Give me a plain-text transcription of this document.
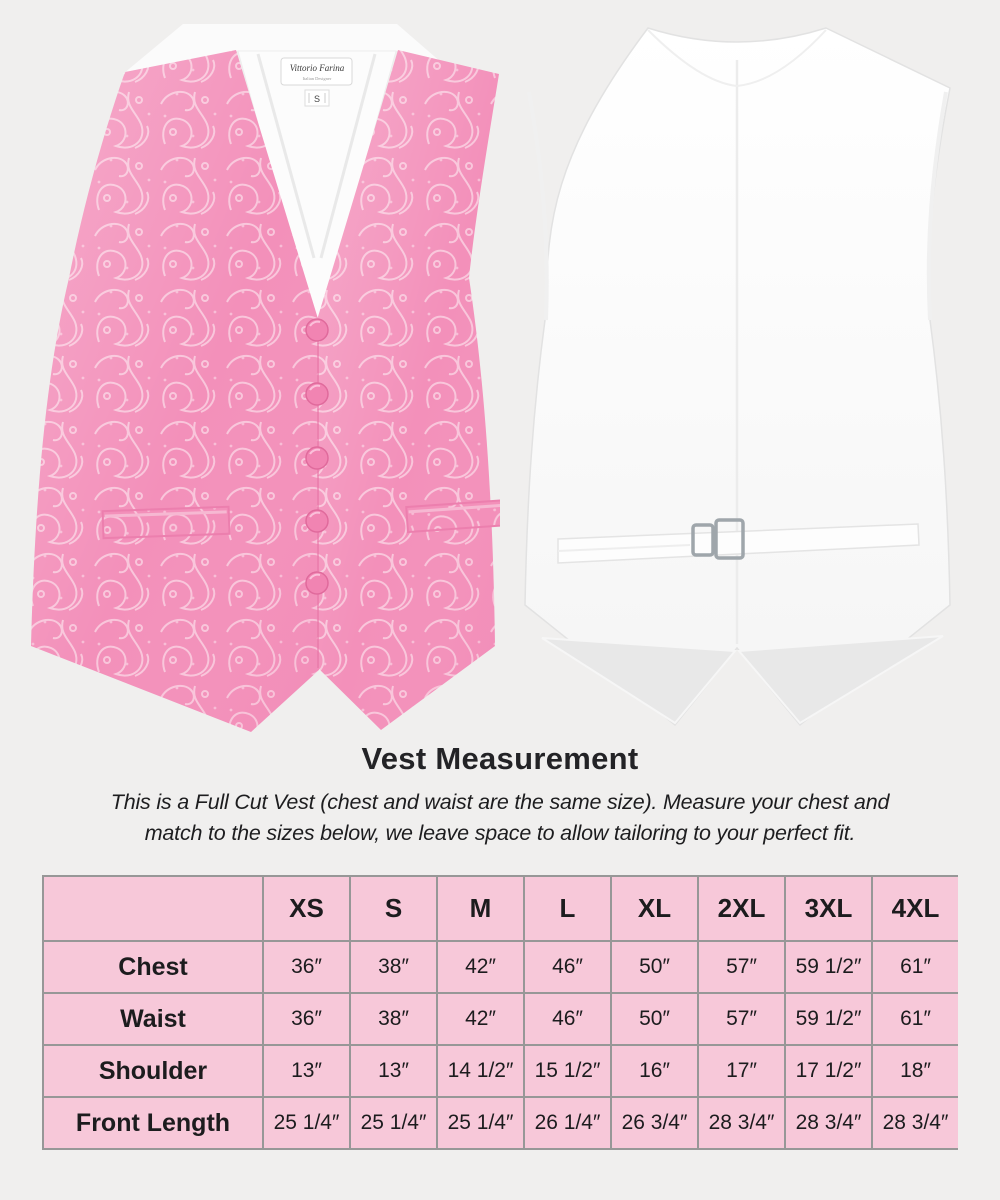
Vittorio Farina
Italian Designer
S
Vest Measurement

This is a Full Cut Vest (chest and waist are the same size). Measure your chest and
match to the sizes below, we leave space to allow tailoring to your perfect fit.

	XS	S	M	L	XL	2XL	3XL	4XL
Chest	36″	38″	42″	46″	50″	57″	59 1/2″	61″
Waist	36″	38″	42″	46″	50″	57″	59 1/2″	61″
Shoulder	13″	13″	14 1/2″	15 1/2″	16″	17″	17 1/2″	18″
Front Length	25 1/4″	25 1/4″	25 1/4″	26 1/4″	26 3/4″	28 3/4″	28 3/4″	28 3/4″
